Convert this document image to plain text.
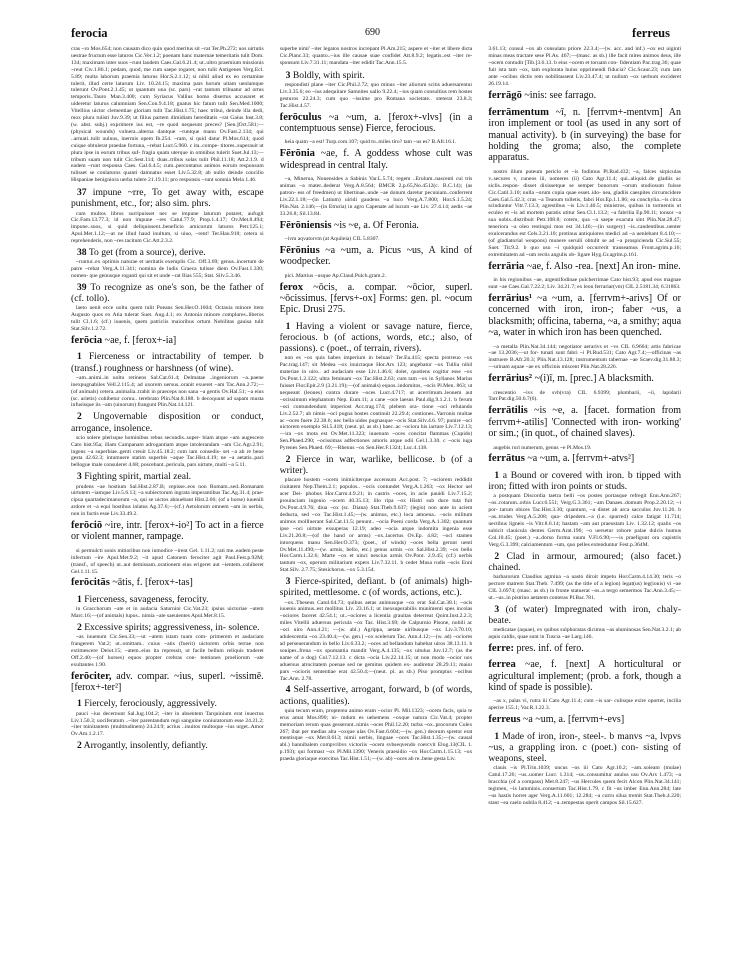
ferocia	690	ferreus
cras ~ro Mos.654; non causam dico quin quod meritus sit ~rat Ter.Ph.272; uos uirtutis uestrae fructum esse laturos Cic.Ver.1.2; poenam hanc maternae temeritatis tulit Dom. 134; maximam inter suos ~runt laudem Caes.Gal.6.21.4; ut..ultro praemium missionis ~reut Civ.1.86.1; pedam, quod, me cum saepe rogaret, non tulit Antigenes Verg.Ecl. 5.89; multa laborum praemia laturus Hor.S.2.1.12; si nihil aliud ex eo certamine tulerit, illud certe laturum Liv. 10.24.15; maxima pars horum uitam uenlamque tulerunt Ov.Pont.2.1.45; ut quantum una (sc. pars) ~rat tantum tribuatur ad ortus temporis..Tauro Man.3.400; cum Syriacus Vallius homo disertus accusaret et uideretur laturus calumniam Sen.Con.9.4.18; gnatus hic fatum tulit Sen.Med.1000; Vitellius uictor clementiae gloriam tulit Tac.Hist.1.75; haec tribui, deinde illa dedi, mox plura tulisti Juv.9.39; ut filius partem dimidiam hereditatis ~rat Gaius Inst.3.8; (w. abst. subj.) exprimere ius est, ~re quod nequeunt preces? [Sen.]Oct.581;—(physical wounds) vulnera..alterna dantque ~runtque manu Ov.Fast.2.134; qui ..armati..tulit uulnus, inermis opem Ib.254. ~ram, si quid datur Pl.Mos.614; quod cuique obtulerat praedae fortuna, ~rebat Lucr.5.960. c ita..compe- titores..superauit ut plura ipse in eorum tribus suf- fragia quam uterque in omnibus tulerit Suet.Jul.13;— tribum suam non tulit Cic.Sest.114; duas..tribus solas tulit Phil.11.18; Att.2.1.9. d eadem ~runt responsa Caes. Gal.6.4.5; cum..percontatus animos eorum responsum tulisset se conlaturos quanti damnatus esset Liv.5.32.8; ab nullo deinde concilio Hispaniae benigniora uerba tulere 21.19.11; pro responsis ~runt somnia Mela 1.46.
37 impune ~rre, To get away with, escape punishment, etc., for; also sim. phrs.
cum multos libros surripuisset nec se impune laturum putaret, aufugit Cic.Fam.13.77.3; id non impune ~res Catul.77.9; Prop.1.4.17; Ov.Met.8.494; impune..suos, si quid deliquissent..beneficio amicorum laturos Petr.125.1; Apul.Met.1.12;—at ne illud haud inultum, si uiuo, ~rent! Ter.Hau.918; cetera si reprehenderis, non ~res tacitum Cic.Att.2.3.2.
38 To get (from a source), derive.
~runtur..ex optimis naturae et ueritatis exemplis Cic. Off.3.69; genus..incertum de patre ~rebat Verg.A.11.341; nomina de ludis Graeca tulisse diem Ov.Fast.1.330; nomen- que genusque roganti qui sit et unde ~rat Ilias 555; Stat. Silv.5.3.46.
39 To recognize as one's son, be the father of (cf. tollo).
laeto uenit ecce uoltu quem tulit Poeans Sen.Her.O.1604; Octauia minore item Augusto quos ex Atia tulerat Suet. Aug.4.1; ex Antonia minore complures..liberos tulit Cl.1.6; (cf.) iuuenis, quem patriciis maioribus ortum Nobilitas gauisa tulit Stat.Silv.1.2.72.
ferōcia ~ae, f. [ferox+-ia]
1 Fierceness or intractability of temper. b (transf.) roughness or harshness (of wine).
~am..animi..in uoltu retinens Sal.Cat.61.4; Delmatae ..ingeniorum ~a..paene inexpugnabiles Vell.2.115.4; ad uxorem uersus..oranit exueret ~am Tac.Ann.2.72;— (of animals) cetera..animalia..trahit in praeceps non sana ~a gentis Ov.Hal.51; ~a eius (sc. arietis) cohibetur cornu.. terebrato Plin.Nat.8.188. b decoquunt ad sapam musta infusisque iis ~am (uinorum) frangunt Plin.Nat.14.121.
2 Ungovernable disposition or conduct, arrogance, insolence.
scio solere plerisque hominibus rebus secundis..super- biam atque ~am augescere Cato hist.95a; illam Campanam adrogantiam atque intolerandam ~am Cic.Agr.2.91; ingens ~a superbiae..genti creuit Liv.45.18.2; cum iam consedis- set ~a ab re bene gesta 42.62.3; intumuere statim superbis ~aque Tac.Hist.4.19; ne ~a aetatis..paci bellogue male consuleret 4.68; poscebant..pericula, pars uirtute, multi ~a 5.11.
3 Fighting spirit, martial zeal.
prudens ~ae hostium Sal.Hist.2.87.B; cepisse..eos non Romam..sed..Romanam uirtutem ~iamque Liv.5.6.13; ~a subiectorum ingrata imperantibus Tac.Ag.31.4; prae- cipua quartadecimanorum ~a, qui se uictos abnuebant Hist.2.66; (of a horse) iuuenili ardore et ~a equi hostibus inlatus Ag.37.6;—(cf.) Aetolorum omnem ~am in uerbis, non in factis esse Liv.33.49.2.
ferōciō ~ire, intr. [ferox+-io²] To act in a fierce or violent manner, rampage.
si permulcti sonis mitioribus non inmodice ~irent Gel. 1.11.2; rati me..eadem peste infectum ~ire Apul.Met.9.2; ~it apud Catonem ferociter agit Paul.Fest.p.92M; (transf., of speech) ut..aut demissam..orationem eius erigeret aut ~ientem..cohiberet Gel.1.11.15.
ferōcitās ~ātis, f. [ferox+-tas]
1 Fierceness, savageness, ferocity.
in Gracchorum ~ate et in audacia Saturnini Cic.Vat.23; ipsius uictoriae ~atem Marc.16;—(of animals) lupos.. nimia ~ate saeuientes Apul.Met.8.15.
2 Excessive spirits; aggressiveness, in- solence.
~as iuuenum Cic.Sen.33;—ut ~atem istam tuam com- primerem et audaciam frangerem Vat.2; ut..omittam.. cuius ~atis (fuerit) uictorem orbis terrae non extimescere Deiot.15; ~atem..eius ita repressit, ut facile bellum reliquis traderet Off.2.40;—(of horses) equos propter crebras con- tentiones proeliorum ~ate exultantes 1.90.
ferōciter, adv. compar. ~ius, superl. ~issimē. [ferox+-ter²]
1 Fiercely, ferociously, aggressively.
pauci ~ius decernunt Sal.Jug.104.2; ~iter in absentem Tarquinium erat inuectus Liv.1.50.3; uociferatum ..~iter parentandum regi sanguine coniuratorum esse 24.21.2; ~iter minitantem (multitudinem) 24.24.9; acrius ..inuitos multoque ~ius urget..Amor Ov.Am.1.2.17.
2 Arrogantly, insolently, defiantly.
superbe nimi' ~iter legatos nostros increpant Pl.Am.215; aspere et ~iter et libere dicta Cic.Planc.33; quanto..~ius ille causae suae confidet Att.8.9.2; legatis..est ~iter re- sponsum Liv.7.31.11; mandata ~iter edidit Tac.Ann.15.5.
3 Boldly, with spirit.
respondisti plane ~iter Cic.Phil.2.72; quo minus ~iter aliorum scitis aduersarentur Liv.3.35.6; eo ~ius adequitare Samnites uallo 9.22.4; ~ius quam consultius rem hostes gesturos 22.24.3; cum quo ~issime pro Romana societate.. steterat 23.8.3; Tac.Hist.4.57.
ferōculus ~a ~um, a. [ferox+-vlvs] (in a contemptuous sense) Fierce, ferocious.
heia quam ~a est! Turp.com.107; quid tu..miles tiro? tam ~us es? B.Afr.16.1.
Fērōnia ~ae, f. A goddess whose cult was widespread in central Italy.
~a, Minerua, Nouensides a Sabinis Var.L.5.74; regem ..Erulum..nascenti cui tris animas ~a mater..dederat Verg.A.8.564; BMCR 2.p.65,No.4512(c. B.C.14); (as patron- ess of freedmen) ut libertinae..unde ~ae donum daretur pecuniam..conferrent Liv.22.1.18;—(in Latium) uiridi gaudens ~a luco Verg.A.7.800; Hor.S.1.5.24; Plin.Nat. 2.146;—(in Etruria) in agro Capenate ad lucum ~ae Liv. 27.4.14; aedis ~ae 33.26.8; Sil.13.84.
Fērōniensis ~is ~e, a. Of Feronia.
~ivm aqvatorvm (at Aquileia) CIL 5.8307.
Fērōnius ~a ~um, a. Picus ~us, A kind of woodpecker.
pici..Martius ~usque Ap.Claud.Pulch.gram.2.
ferox ~ōcis, a. compar. ~ōcior, superl. ~ōcissimus. [fervs+-ox] Forms: gen. pl. ~ocum Epic. Drusi 275.
1 Having a violent or savage nature, fierce, ferocious. b (of actions, words, etc.; also, of passions). c (poet., of terrain, rivers).
non es ~ox quis habes imperium in beluas? Ter.Eu.415; specta protreuo ~ox Pac.trag.147; sit Medea ~ox inuictaque Hor.Ars 123; angebatur ~ox Tullia nihil materiae in uiro.. ad audaciam esse Liv.1.46.6; dolet, quotiens cogitur esse ~ox Ov.Pont.1.2.122; ultra feminam ~ox Tac.Hist.2.63; cum tam ~ox in Syllanos Marius fuisset Flor.Epit.2.9 (3.21.19);—(of animals) equos..indomitos, ~ocis Pl.Men. 863; ut nequeant (leones) contra durare ~oces Lucr.4.717; ut acerrimum..leonem aut ~ocissimum elephantum Nep. Eum.11; a cane ~oce laesus Paul.dig.9.1.2.1. b ferum ~oci contundendum imperiost Acc.trag.174; plebem ora- tione ~oci refutando Liv.2.52.7; ab nimis ~oci pugna hostes continuit 22.29.4; contiones..Varronis multae ac ~oces fuere 22.38.6; nec bella uides pugnasque ~ocis Stat.Silv.4.6. 97; punire ~oci uictorem exemplo Sil.5.418; (neut. pl. as sb.) haec..ac ~ociora his iactare Liv.7.12.13;—ira ~ox mota est Ov.Met.11.323; iuuenum ~oces concitat flammas (Cupido) Sen.Phaed.290; ~ocissimas adfectiones amoris atque odii Gel.1.3.30. c ~ocis iuga Pyrenes Sen.Phaed. 69;—Rhenus ~ox Sen.Her.F.1324; Luc.4.138.
2 Fierce in war, warlike, bellicose. b (of a writer).
placare hostem ~ocem inimiciterque accensum Acc.post. 7; ~ociorem reddidit ciuitatem Nep.Them.2.1; populos.. ~ocis contundet Verg.A.1.263; ~ox Hector uel acer Dei- phobus Hor.Carm.4.9.21; in castris ~oces, in acie pauidi Liv.7.15.2; prouinciam ingenio ~ocem 40.35.13; illo ripa ~ox Histri sub duce tuta fuit Ov.Pont.4.9.76; diua ~ox (sc. Diana) Stat.Theb.9.637; (legio) non ante in aciem deducta, sed ~ox Tac.Hist.1.45;—(w. animus, etc.) loca amoena.. ~ocis militum animos mollluerant Sal.Cat.11.5; penunt.. ~ocia Poeni corda Verg.A.1.302; quantum ipse ~oci uirtute exsuperas 12.19; adeo ~ocia atque indomita ingenia esse Liv.21.20.8;—(of the hand or arms) ~ox..lacertus Ov.Ep. 4.82; ~oci stamen intorquens manu Sen.Her.O.373; (poet., of winds) ~oces bella gerunt uenti Ov.Met.11.490;—(w. armis, bello, etc.) genus armis ~ox Sal.Hist.2.39; ~ox bello Hor.Carm.1.32.6; Marte ~ox et uinci nescius armis Ov.Pont. 2.9.45; (cf.) uerbis tantum ~ox, operum militarium expers Liv.7.32.11. b cedet Musa rudis ~ocis Enni Stat.Silv. 2.7.75; Stesichorus..~ox 5.3.154.
3 Fierce-spirited, defiant. b (of animals) high-spirited, mettlesome. c (of words, actions, etc.).
~ox..Theseus Catul.64.73; quibus aetas animusque ~ox erat Sal.Cat.38.1; ~ocis iuuenis animus..est mollitus Liv. 23.16.1; ut inexsuperabilis munimenti spes incolas ~ociores faceret 42.54.1; ut..~ociores a licentia grauitas deterreat Quint.Inst.2.2.3; miles Vitellii aduersus pericula ~ox Tac. Hist.3.69; de Calpurnio Pisone, nobili ac ~oci uiro Ann.4.21; —(w. abl.) Agrippa, aetate uiribusque ~ox Liv.3.70.10; adulescentia ~ox 23.40.4;—(w. gen.) ~ox scelerum Tac. Ann.4.12;—(w. ad) ~ociores ad perseuerandum in bello Liv.6.33.2; ~oces ad bellandum habebat uiros 38.13.11. b sonipes..frena ~ox spumantia mandit Verg.A.4.135; ~ox uitulus Juv.12.7; (as the name of a dog) Col.7.12.13. c dicta ~ocia Liv.22.14.15; ut non modo ~ocior uox aduersus atrocitatem poenae sed ne gemitus quidem ex- audiretur 28.29.11; maior pars ~ocioris sententiae erat 42.50.4;—(neut. pl. as sb.) Piso promptus ~ocibus Tac.Ann. 2.78.
4 Self-assertive, arrogant, forward, b (of words, actions, qualities).
quia tecum eram, propterea animo eram ~ocior Pl. Mil.1323; ~ocem facis, quia te erus amat Mos.890; ni- mdum es uehemens ~oxque natura Cic.Vat.4; propter memoriam rerum quas gesserunt..nimis ~oces Phil.12.20; turba ~ox..procorum Culex 267; ibat per medias alta ~oxque ulas Ov.Fast.6.604;—(w. gen.) deorum spretor erat mentisque ~ox Met.8.613; nimii uerbis, linguae ~oces Tac.Hist.1.35;—(w. causal abl.) hannibalem compvribvs victoriis ~ocem svbseqvendo coercvit Elog.13(CIL 1. p.193); qui formast ~ox Pl.Mil.1390; Veneris praesidio ~ox Hor.Carm.1.15.13; ~ox praeda gloriaque exercitus Tac.Hist.1.51;—(w. ab) ~oces ab re..bene gesta Liv.
3.61.13; consul ~ox ab consulatu priore 22.3.4;—(w. acc. and inf.) ~ox est uiginti minas meas tractare sese Pl.As. 467;—(masc. as sb.) ille facit mites animos deus, ille ~ocem contudit [Tib.]3.6.13. b eius ~ocem et toruam con- fidentiam Pac.trag.36; quae fuit ista tam ~ox, tam explorata huius opprimendi fiducia? Cic.Scaur.23; cum iam ante ~ocibus dictis rem nobilitassent Liv.23.47.4; ut nullum ~ox uerbum excideret 26.19.14.
ferrāgō ~inis: see farrago.
ferrāmentum ~ī, n. [ferrvm+-mentvm] An iron implement or tool (as used in any sort of manual activity). b (in surveying) the base for holding the groma; also, the complete apparatus.
nostro illum puteum periclo et ~is fodimus Pl.Rud.432; ~a, falces sirpiculas v..secures v, cuneos iii, uomeres (ii) Cato Agr.11.4; qui..aliquid..de gladiis ac siclis..respon- disset dixissetque se semper bonorum ~orum studiosum fuisse Cic.Catil.3.10; nulla ~orum copia quae esset..ido- nea, gladiis caespites circumcidere Caes.Gal.5.42.3; cras ~a Teanum tolletis, fabri Hor.Ep.1.1.86; ea conchylia..~is circa scinduntur Vitr.7.13.3; agrestibus ~is Liv.1.40.5; ministros, quibus in tormentis ut eculeo et ~is ad mortem paratis utitur Sen.Cl.1.13.2; ~a fabrilia Ep.90.11; tonsor ~a sua nobis..distribuit Petr.108.8; cotem, qua ~a saepe exacuta sint Plin.Nat.28.47; teneriora ~a oleo restingui mos est 34.146;—(in surgery) ~is..candentibus..uenter exulcerandus est Cels.3.21.10; protinus antiquiores medici ad ~a uenlebant 8.4.10;—(of gladiatorial weapons) munere seruili obtulit se ad ~a prospicienda Cic.Sul.55; Suet. Tit.9.2. b quo usu ~i quidquid occurrerit transeamus Front.agrim.p.16; extremitatem ad ~um rectis angulis ob- ligare Hyg.Gr.agrim.p.161.
ferrāria ~ae, f. Also -rea. [next] An iron- mine.
in his regionibus ~ae, argentifodinae pulcherrimae Cato hist.93; apud eos magnae sunt ~ae Caes.Gal.7.22.2; Liv. 34.21.7; ex leon ferrariar(vm) CIL 2.5181.34; 6.31863.
ferrārius¹ ~a ~um, a. [ferrvm+-arivs] Of or concerned with iron, iron-; faber ~us, a blacksmith; officina, taberna, ~a, a smithy; aqua ~a, water in which iron has been quenched.
~a metalla Plin.Nat.34.144; negotiator aerarivs et ~vs CIL 6.9664; artis fabricae ~ae 13.2036;—ut for- tunati sunt fabri ~i Pl.Rud.531; Cato Agr.7.4;—officinas ~as instruere B.Afr.20.3; Plin.Nat.13.128; instrumentum tabernae ~ae Scaev.dig.31.88.3;—urinam aquae ~ae ex officinis miscent Plin.Nat.28.226.
ferrārius² ~(i)ī, m. [prec.] A blacksmith.
crescentio ~ivs de svb(vra) CIL 6.9399; plumbarii, ~ii, lapidarii Tarr.Pat.dig.50.6.7(6).
ferrātilis ~is ~e, a. [facet. formation from ferrvm+-atilis] 'Connected with iron- working' or sim.; (in quot., of chained slaves).
augebis ruri numerum, genus ~e Pl.Mos.19.
ferrātus ~a ~um, a. [ferrvm+-atvs²]
1 a Bound or covered with iron. b tipped with iron; fitted with iron points or studs.
a postquam Discordia taetra belli ~os postes portasque refregit Enn.Ann.267; ~os..rotarum..orbis Lucr.6.551; Verg.G.3.361; ~am Danaes..domum Prop.2.20.12; ~i por- tarum obices Tac.Hist.3.30; quantum, ~a distet ab arca sacculus Juv.11.26. b ~as..trudes Verg.A.5.208; qua- dripedem..~a (i.e. spurred) calce fatigat 11.714; uectibus ligneis ~is Vitr.8.6.14; hastam ~am aut praeustam Liv. 1.32.12; qualis ~os subicit clauicula dentes Germ.Arat.196; ~o uersetur robore palae dulcis humus Col.10.45; (poet.) ~a..dorso forma suum V.Fl.6.90;—~is praefigunt ora capistris Verg.G.3.399; calciamentum ~um, quo pelles extenduntur Fest.p.364M.
2 Clad in armour, armoured; (also facet.) chained.
barbarorum Claudius agmina ~a uasto diruit impetu Hor.Carm.4.14.30; teris ~o pectore matrem Stat.Theb. 7.499; (as the title of a legion) legat(us) leg(ionis) vi ~ae CIL 3.6974; (masc. as sb.) in fronte statuerat ~os..a tergo semermos Tac.Ann.3.45;—ut..~us..in pistrino aetatem conteras Pl.Bac.781.
3 (of water) Impregnated with iron, chaly- beate.
medicatae (aquae), ex quibus sulphuratas dicimus ~as aluminosas Sen.Nat.3.2.1; ab aquis caldis, quae sunt in Tuscia ~ae Larg.146.
ferre: pres. inf. of fero.
ferrea ~ae, f. [next] A horticultural or agricultural implement; (prob. a fork, though a kind of spade is possible).
~as x, palas vi, rutra iii Cato Agr.11.4; cum ~is sar- culisque exire oportet, incilia aperire 155.1; Var.R.1.22.3.
ferreus ~a ~um, a. [ferrvm+-evs]
1 Made of iron, iron-, steel-. b manvs ~a, lvpvs ~us, a grappling iron. c (poet.) con- sisting of weapons, steel.
clauis ~is Pl.Trin.1039; uncus ~os iii Cato Agr.10.2; ~am..soleam (mulae) Catul.17.26; ~us..uomer Lucr. 1.314; ~us..consumitur anulus usu Ov.Ars 1.473; ~a bracchia (of a compass) Met.8.247; ~us Hercules quem fecit Alcon Plin.Nat.34.141; tegimen, ~is lamminis..consertum Tac.Hist.1.79. c fit ~us imber Enn.Ann.284; late ~us hastis horret ager Verg.A.11.601; 12.284; ~a curru silua tremit Stat.Theb.4.220; stant ~ea caelo nubila 8.412; ~a..tempestas operit campos Sil.15.627.
